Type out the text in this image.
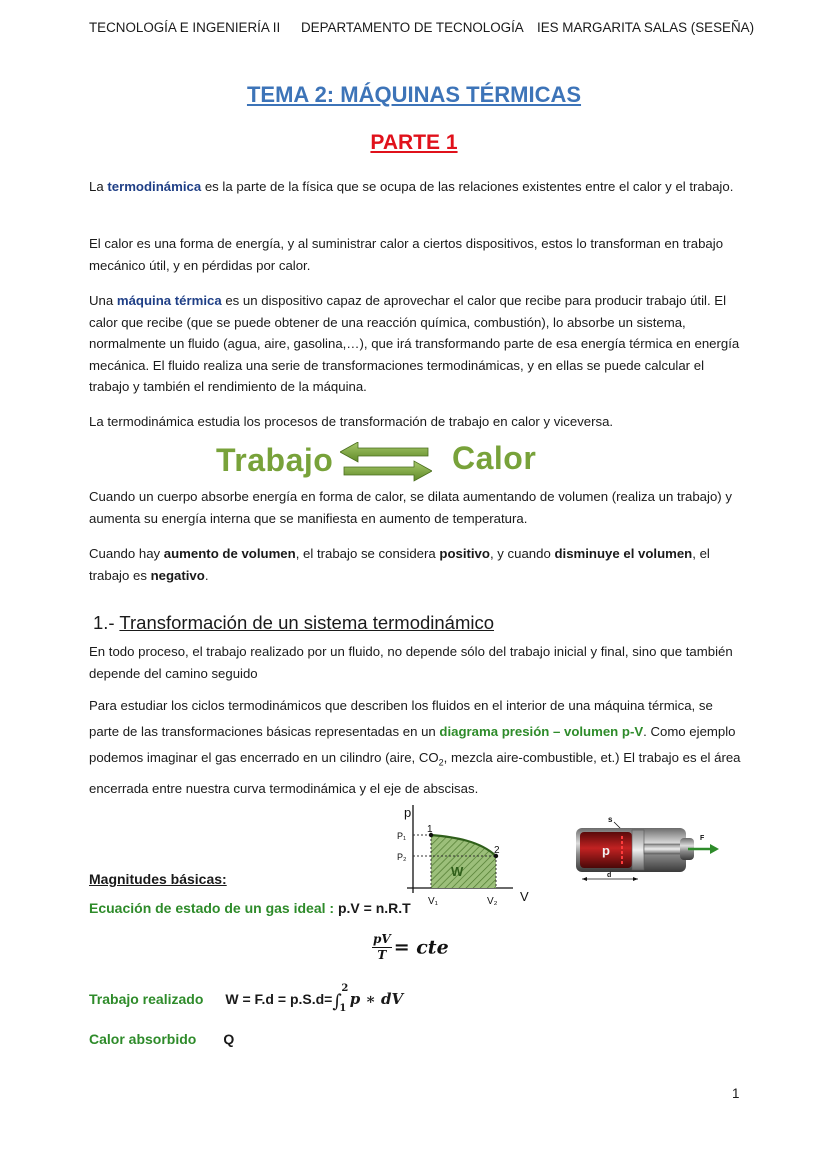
TECNOLOGÍA E INGENIERÍA II DEPARTAMENTO DE TECNOLOGÍA IES MARGARITA SALAS (SESEÑA)
TEMA 2: MÁQUINAS TÉRMICAS
PARTE 1

La termodinámica es la parte de la física que se ocupa de las relaciones existentes entre el calor y el trabajo.

El calor es una forma de energía, y al suministrar calor a ciertos dispositivos, estos lo transforman en trabajo mecánico útil, y en pérdidas por calor.

Una máquina térmica es un dispositivo capaz de aprovechar el calor que recibe para producir trabajo útil. El calor que recibe (que se puede obtener de una reacción química, combustión), lo absorbe un sistema, normalmente un fluido (agua, aire, gasolina,…), que irá transformando parte de esa energía térmica en energía mecánica. El fluido realiza una serie de transformaciones termodinámicas, y en ellas se puede calcular el trabajo y también el rendimiento de la máquina.

La termodinámica estudia los procesos de transformación de trabajo en calor y viceversa.

Trabajo	Calor

Cuando un cuerpo absorbe energía en forma de calor, se dilata aumentando de volumen (realiza un trabajo) y aumenta su energía interna que se manifiesta en aumento de temperatura.

Cuando hay aumento de volumen, el trabajo se considera positivo, y cuando disminuye el volumen, el trabajo es negativo.

1.- Transformación de un sistema termodinámico

En todo proceso, el trabajo realizado por un fluido, no depende sólo del trabajo inicial y final, sino que también depende del camino seguido

Para estudiar los ciclos termodinámicos que describen los fluidos en el interior de una máquina térmica, se parte de las transformaciones básicas representadas en un diagrama presión – volumen p-V. Como ejemplo podemos imaginar el gas encerrado en un cilindro (aire, $CO_2$, mezcla aire-combustible, et.) El trabajo es el área encerrada entre nuestra curva termodinámica y el eje de abscisas.

p
1
2
P₁
P₂
W
V₁	V₂ V
s
p
F
d
Magnitudes básicas:
Ecuación de estado de un gas ideal : p.V = n.R.T
$\frac{pV}{T}$ = cte
Trabajo realizado W = F.d = p.S.d=∫
2
1
p ∗ dV
Calor absorbido Q
1
